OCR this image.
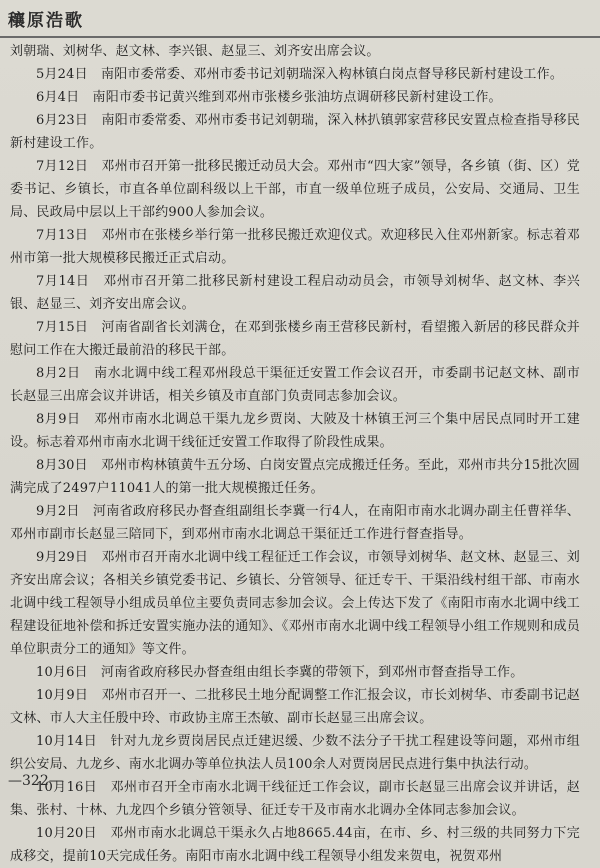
穰原浩歌

刘朝瑞、刘树华、赵文林、李兴银、赵显三、刘齐安出席会议。

5月24日　南阳市委常委、邓州市委书记刘朝瑞深入构林镇白岗点督导移民新村建设工作。

6月4日　南阳市委书记黄兴维到邓州市张楼乡张油坊点调研移民新村建设工作。

6月23日　南阳市委常委、邓州市委书记刘朝瑞，深入林扒镇郭家营移民安置点检查指导移民新村建设工作。

7月12日　邓州市召开第一批移民搬迁动员大会。邓州市“四大家”领导，各乡镇（街、区）党委书记、乡镇长，市直各单位副科级以上干部，市直一级单位班子成员，公安局、交通局、卫生局、民政局中层以上干部约900人参加会议。

7月13日　邓州市在张楼乡举行第一批移民搬迁欢迎仪式。欢迎移民入住邓州新家。标志着邓州市第一批大规模移民搬迁正式启动。

7月14日　邓州市召开第二批移民新村建设工程启动动员会，市领导刘树华、赵文林、李兴银、赵显三、刘齐安出席会议。

7月15日　河南省副省长刘满仓，在邓到张楼乡南王营移民新村，看望搬入新居的移民群众并慰问工作在大搬迁最前沿的移民干部。

8月2日　南水北调中线工程邓州段总干渠征迁安置工作会议召开，市委副书记赵文林、副市长赵显三出席会议并讲话，相关乡镇及市直部门负责同志参加会议。

8月9日　邓州市南水北调总干渠九龙乡贾岗、大陂及十林镇王河三个集中居民点同时开工建设。标志着邓州市南水北调干线征迁安置工作取得了阶段性成果。

8月30日　邓州市构林镇黄牛五分场、白岗安置点完成搬迁任务。至此，邓州市共分15批次圆满完成了2497户11041人的第一批大规模搬迁任务。

9月2日　河南省政府移民办督查组副组长李冀一行4人，在南阳市南水北调办副主任曹祥华、邓州市副市长赵显三陪同下，到邓州市南水北调总干渠征迁工作进行督查指导。

9月29日　邓州市召开南水北调中线工程征迁工作会议，市领导刘树华、赵文林、赵显三、刘齐安出席会议；各相关乡镇党委书记、乡镇长、分管领导、征迁专干、干渠沿线村组干部、市南水北调中线工程领导小组成员单位主要负责同志参加会议。会上传达下发了《南阳市南水北调中线工程建设征地补偿和拆迁安置实施办法的通知》、《邓州市南水北调中线工程领导小组工作规则和成员单位职责分工的通知》等文件。

10月6日　河南省政府移民办督查组由组长李冀的带领下，到邓州市督查指导工作。

10月9日　邓州市召开一、二批移民土地分配调整工作汇报会议，市长刘树华、市委副书记赵文林、市人大主任殷中玲、市政协主席王杰敏、副市长赵显三出席会议。

10月14日　针对九龙乡贾岗居民点迁建迟缓、少数不法分子干扰工程建设等问题，邓州市组织公安局、九龙乡、南水北调办等单位执法人员100余人对贾岗居民点进行集中执法行动。

10月16日　邓州市召开全市南水北调干线征迁工作会议，副市长赵显三出席会议并讲话，赵集、张村、十林、九龙四个乡镇分管领导、征迁专干及市南水北调办全体同志参加会议。

10月20日　邓州市南水北调总干渠永久占地8665.44亩，在市、乡、村三级的共同努力下完成移交，提前10天完成任务。南阳市南水北调中线工程领导小组发来贺电，祝贺邓州

—322—
